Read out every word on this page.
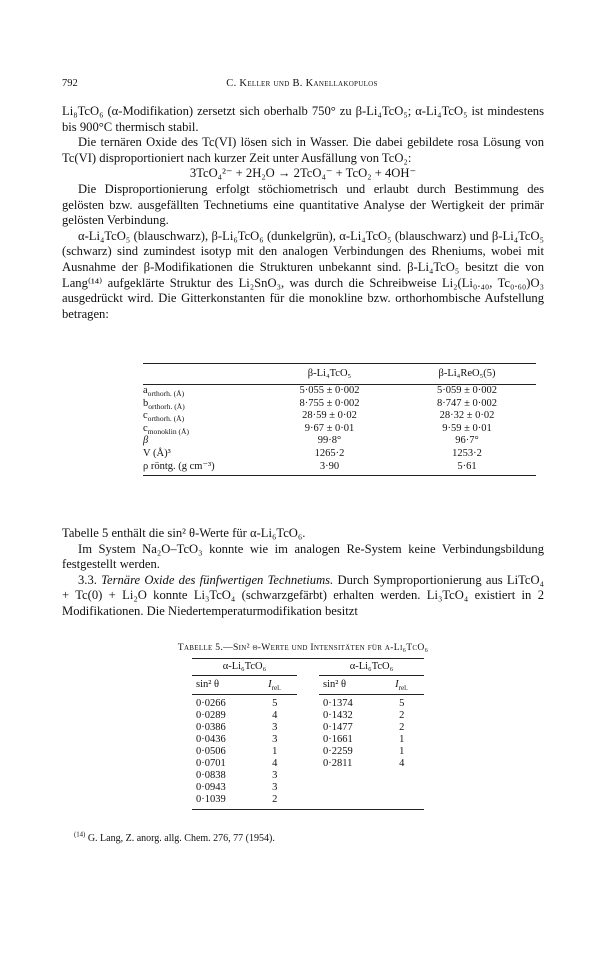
792	C. Keller und B. Kanellakopulos

Li₈TcO₆ (α-Modifikation) zersetzt sich oberhalb 750° zu β-Li₄TcO₅; α-Li₄TcO₅ ist mindestens bis 900°C thermisch stabil.

Die ternären Oxide des Tc(VI) lösen sich in Wasser. Die dabei gebildete rosa Lösung von Tc(VI) disproportioniert nach kurzer Zeit unter Ausfällung von TcO₂:

3TcO₄²⁻ + 2H₂O → 2TcO₄⁻ + TcO₂ + 4OH⁻

Die Disproportionierung erfolgt stöchiometrisch und erlaubt durch Bestimmung des gelösten bzw. ausgefällten Technetiums eine quantitative Analyse der Wertigkeit der primär gelösten Verbindung.

α-Li₄TcO₅ (blauschwarz), β-Li₆TcO₆ (dunkelgrün), α-Li₄TcO₅ (blauschwarz) und β-Li₄TcO₅ (schwarz) sind zumindest isotyp mit den analogen Verbindungen des Rheniums, wobei mit Ausnahme der β-Modifikationen die Strukturen unbekannt sind. β-Li₄TcO₅ besitzt die von Lang⁽¹⁴⁾ aufgeklärte Struktur des Li₂SnO₃, was durch die Schreibweise Li₂(Li₀.₄₀, Tc₀.₆₀)O₃ ausgedrückt wird. Die Gitterkonstanten für die monokline bzw. orthorhombische Aufstellung betragen:

	β-Li₄TcO₅	β-Li₄ReO₅(5)
$a_{orthorh. (Å)}$	5·055 ± 0·002	5·059 ± 0·002
$b_{orthorh. (Å)}$	8·755 ± 0·002	8·747 ± 0·002
$c_{orthorh. (Å)}$	28·59 ± 0·02	28·32 ± 0·02
$c_{monoklin (Å)}$	9·67 ± 0·01	9·59 ± 0·01
β	99·8°	96·7°
V (Å)³	1265·2	1253·2
ρ röntg. (g cm⁻³)	3·90	5·61

Tabelle 5 enthält die sin² θ-Werte für α-Li₆TcO₆.

Im System Na₂O–TcO₃ konnte wie im analogen Re-System keine Verbindungsbildung festgestellt werden.

3.3. Ternäre Oxide des fünfwertigen Technetiums. Durch Symproportionierung aus LiTcO₄ + Tc(0) + Li₂O konnte Li₃TcO₄ (schwarzgefärbt) erhalten werden. Li₃TcO₄ existiert in 2 Modifikationen. Die Niedertemperaturmodifikation besitzt

Tabelle 5.—Sin² θ-Werte und Intensitäten für α-Li₆TcO₆
α-Li₆TcO₆			α-Li₆TcO₆	
sin² θ	$I_{rel.}$		sin² θ	$I_{rel.}$
0·0266	5		0·1374	5
0·0289	4		0·1432	2
0·0386	3		0·1477	2
0·0436	3		0·1661	1
0·0506	1		0·2259	1
0·0701	4		0·2811	4
0·0838	3			
0·0943	3			
0·1039	2			
$^{(14)}$ G. Lang, Z. anorg. allg. Chem. 276, 77 (1954).
